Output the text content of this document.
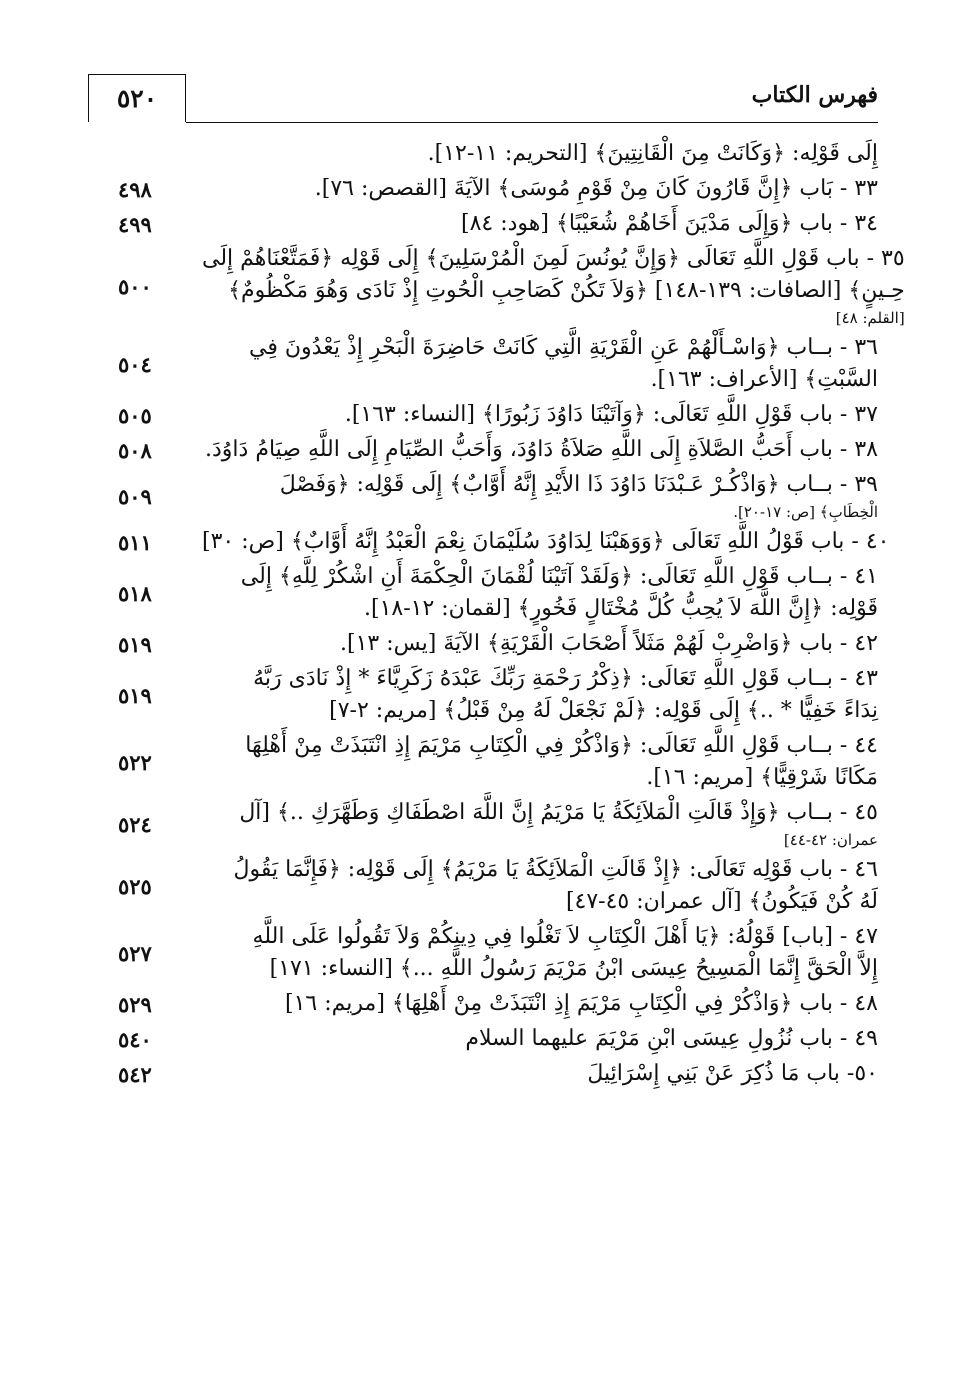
٥٢٠	فهرس الكتاب
إِلَى قَوْلِه: ﴿وَكَانَتْ مِنَ الْقَانِتِينَ﴾ [التحريم: ١١-١٢].
٤٩٨	٣٣ - بَاب ﴿إِنَّ قَارُونَ كَانَ مِنْ قَوْمِ مُوسَى﴾ الآيَةَ [القصص: ٧٦].
٤٩٩	٣٤ - باب ﴿وَإِلَى مَدْيَنَ أَخَاهُمْ شُعَيْبًا﴾ [هود: ٨٤]
٥٠٠
٣٥ - باب قَوْلِ اللَّهِ تَعَالَى ﴿وَإِنَّ يُونُسَ لَمِنَ الْمُرْسَلِينَ﴾ إِلَى قَوْلِه ﴿فَمَتَّعْنَاهُمْ إِلَى
حِـينٍ﴾ [الصافات: ١٣٩-١٤٨] ﴿وَلاَ تَكُنْ كَصَاحِبِ الْحُوتِ إِذْ نَادَى وَهُوَ مَكْظُومٌ﴾
[القلم: ٤٨]
٥٠٤
٣٦ - بــاب ﴿وَاسْـأَلْهُمْ عَنِ الْقَرْيَةِ الَّتِي كَانَتْ حَاضِرَةَ الْبَحْرِ إِذْ يَعْدُونَ فِي
السَّبْتِ﴾ [الأعراف: ١٦٣].
٥٠٥	٣٧ - باب قَوْلِ اللَّهِ تَعَالَى: ﴿وَآتَيْنَا دَاوُدَ زَبُورًا﴾ [النساء: ١٦٣].
٥٠٨	٣٨ - باب أَحَبُّ الصَّلاَةِ إِلَى اللَّهِ صَلاَةُ دَاوُدَ، وَأَحَبُّ الصِّيَامِ إِلَى اللَّهِ صِيَامُ دَاوُدَ.
٥٠٩	٣٩ - بــاب ﴿وَاذْكُـرْ عَـبْدَنَا دَاوُدَ ذَا الأَيْدِ إِنَّهُ أَوَّابٌ﴾ إِلَى قَوْلِه: ﴿وَفَصْلَ
الْخِطَابِ﴾ [ص: ١٧-٢٠].
٥١١	٤٠ - باب قَوْلُ اللَّهِ تَعَالَى ﴿وَوَهَبْنَا لِدَاوُدَ سُلَيْمَانَ نِعْمَ الْعَبْدُ إِنَّهُ أَوَّابٌ﴾ [ص: ٣٠]
٥١٨
٤١ - بــاب قَوْلِ اللَّهِ تَعَالَى: ﴿وَلَقَدْ آتَيْنَا لُقْمَانَ الْحِكْمَةَ أَنِ اشْكُرْ لِلَّهِ﴾ إِلَى
قَوْلِه: ﴿إِنَّ اللَّهَ لاَ يُحِبُّ كُلَّ مُخْتَالٍ فَخُورٍ﴾ [لقمان: ١٢-١٨].
٥١٩	٤٢ - باب ﴿وَاضْرِبْ لَهُمْ مَثَلاً أَصْحَابَ الْقَرْيَةِ﴾ الآيَةَ [يس: ١٣].
٥١٩
٤٣ - بــاب قَوْلِ اللَّهِ تَعَالَى: ﴿ذِكْرُ رَحْمَةِ رَبِّكَ عَبْدَهُ زَكَرِيَّاءَ * إِذْ نَادَى رَبَّهُ
نِدَاءً خَفِيًّا * ..﴾ إِلَى قَوْلِه: ﴿لَمْ نَجْعَلْ لَهُ مِنْ قَبْلُ﴾ [مريم: ٢-٧]
٥٢٢
٤٤ - بــاب قَوْلِ اللَّهِ تَعَالَى: ﴿وَاذْكُرْ فِي الْكِتَابِ مَرْيَمَ إِذِ انْتَبَذَتْ مِنْ أَهْلِهَا
مَكَانًا شَرْقِيًّا﴾ [مريم: ١٦].
٥٢٤	٤٥ - بــاب ﴿وَإِذْ قَالَتِ الْمَلاَئِكَةُ يَا مَرْيَمُ إِنَّ اللَّهَ اصْطَفَاكِ وَطَهَّرَكِ ..﴾ [آل
عمران: ٤٢-٤٤]
٥٢٥
٤٦ - باب قَوْلِه تَعَالَى: ﴿إِذْ قَالَتِ الْمَلاَئِكَةُ يَا مَرْيَمُ﴾ إِلَى قَوْلِه: ﴿فَإِنَّمَا يَقُولُ
لَهُ كُنْ فَيَكُونُ﴾ [آل عمران: ٤٥-٤٧]
٥٢٧
٤٧ - [باب] قَوْلُهُ: ﴿يَا أَهْلَ الْكِتَابِ لاَ تَغْلُوا فِي دِينِكُمْ وَلاَ تَقُولُوا عَلَى اللَّهِ
إِلاَّ الْحَقَّ إِنَّمَا الْمَسِيحُ عِيسَى ابْنُ مَرْيَمَ رَسُولُ اللَّهِ ...﴾ [النساء: ١٧١]
٥٢٩	٤٨ - باب ﴿وَاذْكُرْ فِي الْكِتَابِ مَرْيَمَ إِذِ انْتَبَذَتْ مِنْ أَهْلِهَا﴾ [مريم: ١٦]
٥٤٠	٤٩ - باب نُزُولِ عِيسَى ابْنِ مَرْيَمَ عليهما السلام
٥٤٢	٥٠- باب مَا ذُكِرَ عَنْ بَنِي إِسْرَائِيلَ
